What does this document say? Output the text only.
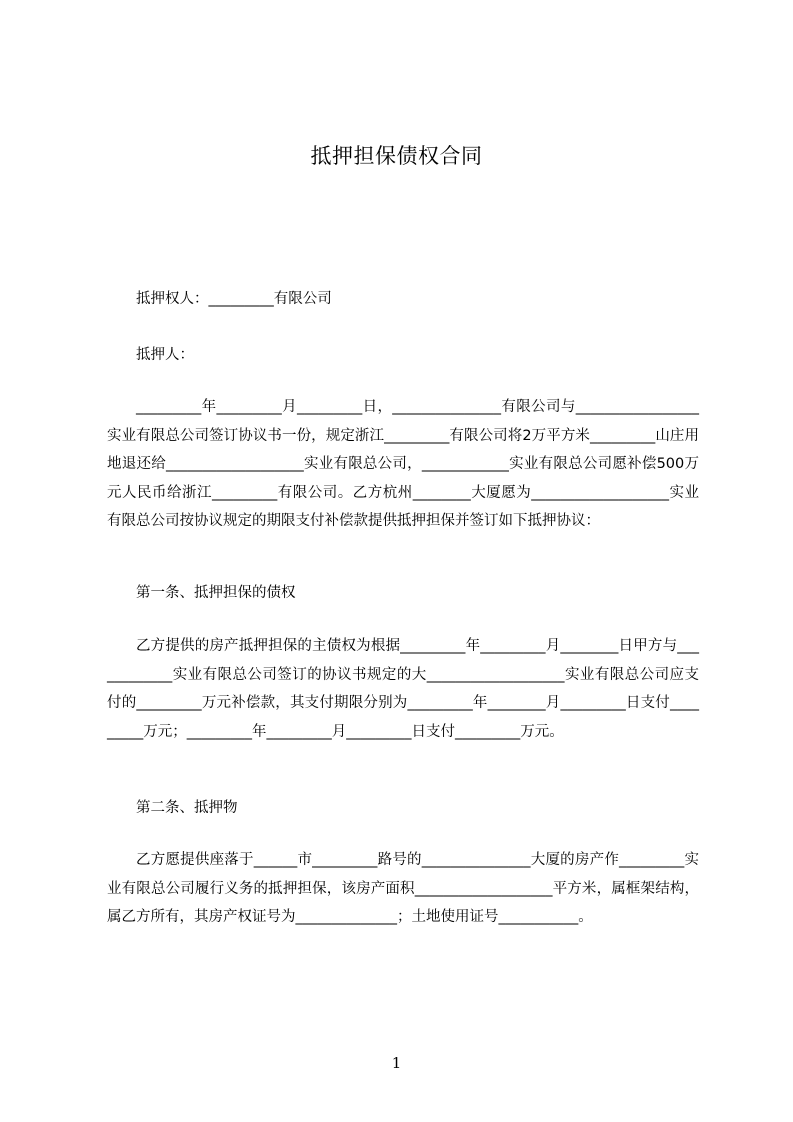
抵押担保债权合同
抵押权人：_________有限公司
抵押人：
_________年_________月_________日，_______________有限公司与_________________实业有限总公司签订协议书一份，规定浙江_________有限公司将2万平方米_________山庄用地退还给___________________实业有限总公司，____________实业有限总公司愿补偿500万元人民币给浙江_________有限公司。乙方杭州________大厦愿为___________________实业有限总公司按协议规定的期限支付补偿款提供抵押担保并签订如下抵押协议：
第一条、抵押担保的债权
乙方提供的房产抵押担保的主债权为根据_________年_________月________日甲方与____________实业有限总公司签订的协议书规定的大___________________实业有限总公司应支付的_________万元补偿款，其支付期限分别为_________年________月_________日支付_________万元；_________年_________月_________日支付_________万元。
第二条、抵押物
乙方愿提供座落于______市_________路号的_______________大厦的房产作_________实业有限总公司履行义务的抵押担保，该房产面积___________________平方米，属框架结构，属乙方所有，其房产权证号为______________；土地使用证号___________。
1
